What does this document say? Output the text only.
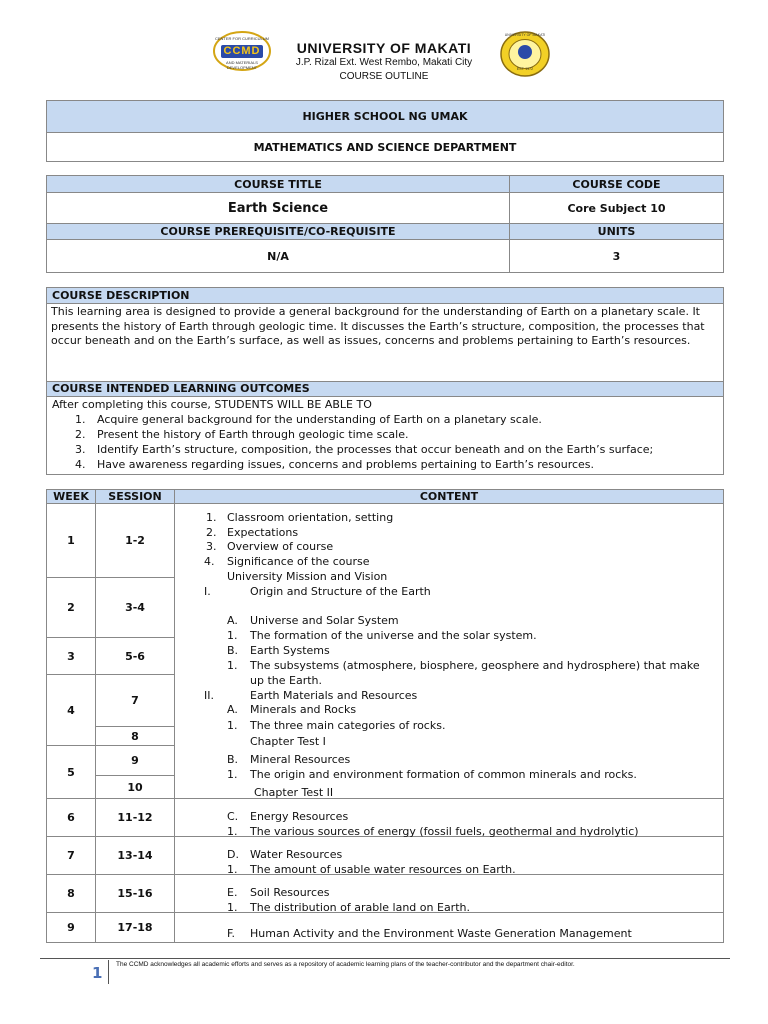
CENTER FOR CURRICULUM
CCMD
AND MATERIALS DEVELOPMENT
UNIVERSITY OF MAKATI
J.P. Rizal Ext. West Rembo, Makati City
COURSE OUTLINE
UNIVERSITY OF MAKATI
EST. 1972
HIGHER SCHOOL NG UMAK
MATHEMATICS AND SCIENCE DEPARTMENT
COURSE TITLE	COURSE CODE
Earth Science	Core Subject 10
COURSE PREREQUISITE/CO-REQUISITE	UNITS
N/A	3
COURSE DESCRIPTION
This learning area is designed to provide a general background for the understanding of Earth on a planetary scale. It presents the history of Earth through geologic time. It discusses the Earth’s structure, composition, the processes that occur beneath and on the Earth’s surface, as well as issues, concerns and problems pertaining to Earth’s resources.
COURSE INTENDED LEARNING OUTCOMES
After completing this course, STUDENTS WILL BE ABLE TO
1. Acquire general background for the understanding of Earth on a planetary scale.
2. Present the history of Earth through geologic time scale.
3. Identify Earth’s structure, composition, the processes that occur beneath and on the Earth’s surface;
4. Have awareness regarding issues, concerns and problems pertaining to Earth’s resources.
WEEK	SESSION	CONTENT
1	1-2	
2	3-4	
3	5-6	
4	7	
	8	
5	9	
	10	
6	11-12	
7	13-14	
8	15-16	
9	17-18	
1. Classroom orientation, setting
2. Expectations
3. Overview of course
4. Significance of the course
University Mission and Vision
I.	Origin and Structure of the Earth
A. Universe and Solar System
1. The formation of the universe and the solar system.
B. Earth Systems
1. The subsystems (atmosphere, biosphere, geosphere and hydrosphere) that make
up the Earth.
II.	Earth Materials and Resources
A. Minerals and Rocks
1. The three main categories of rocks.
Chapter Test I
B. Mineral Resources
1. The origin and environment formation of common minerals and rocks.
Chapter Test II
C. Energy Resources
1. The various sources of energy (fossil fuels, geothermal and hydrolytic)
D. Water Resources
1. The amount of usable water resources on Earth.
E. Soil Resources
1. The distribution of arable land on Earth.
F. Human Activity and the Environment Waste Generation Management
1 The CCMD acknowledges all academic efforts and serves as a repository of academic learning plans of the teacher-contributor and the department chair-editor.
